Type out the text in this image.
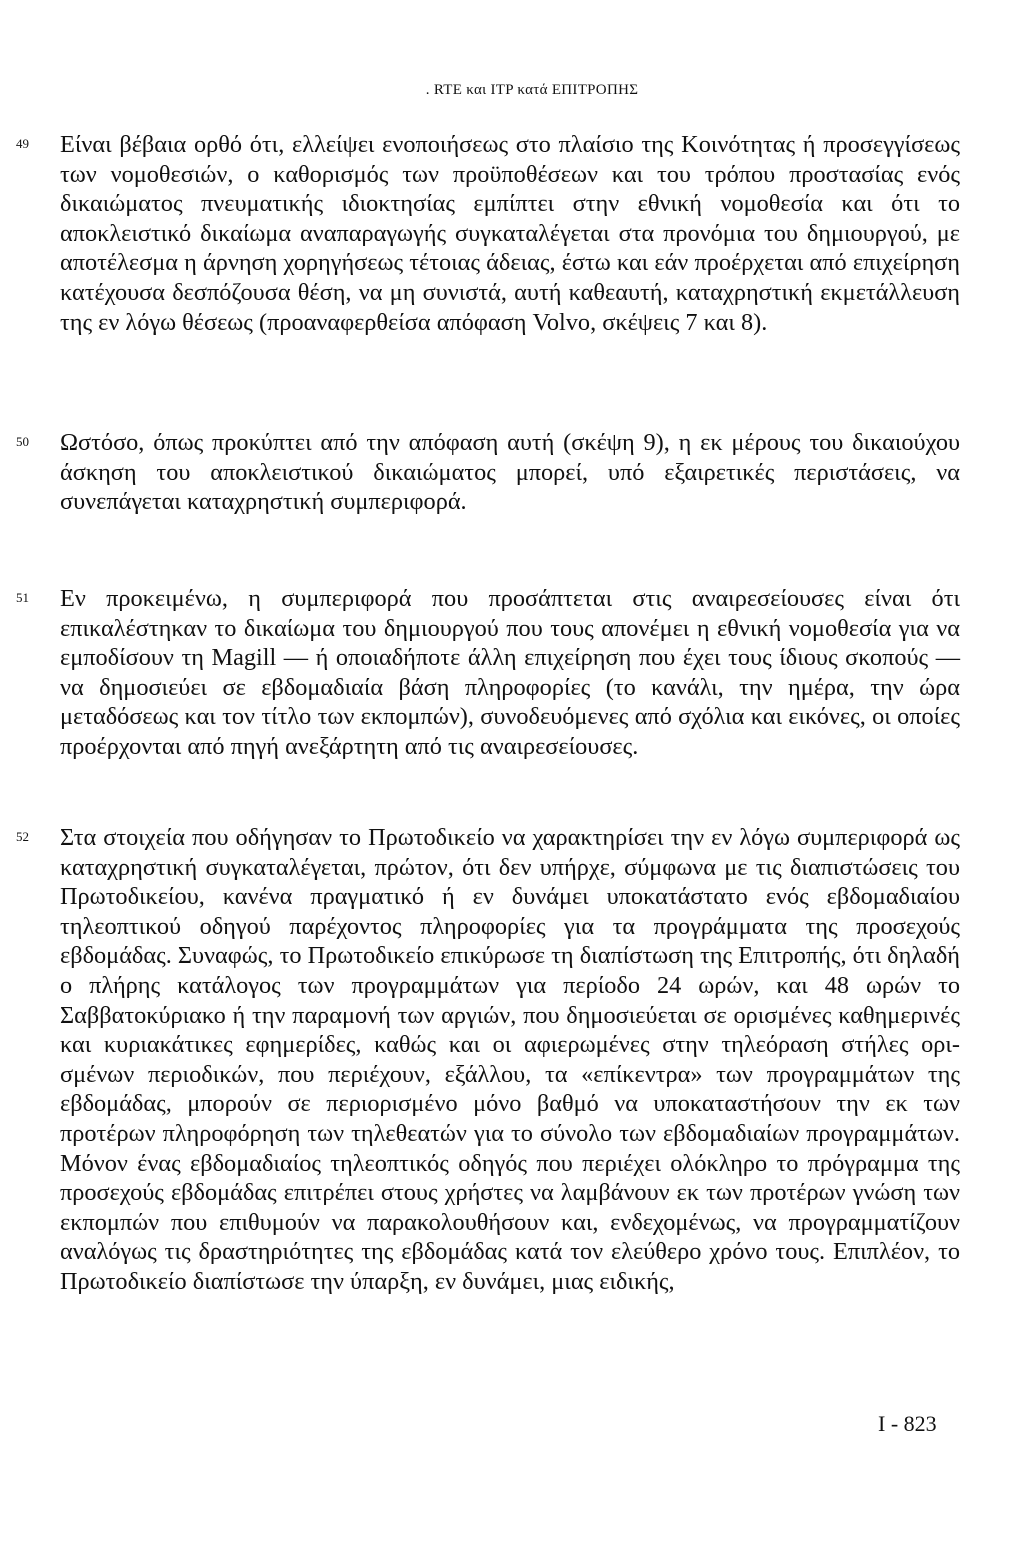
. RTE και ITP κατά ΕΠΙΤΡΟΠΗΣ
49 Είναι βέβαια ορθό ότι, ελλείψει ενοποιήσεως στο πλαίσιο της Κοινότητας ή προσεγγίσεως των νομοθεσιών, ο καθορισμός των προϋποθέσεων και του τρόπου προστασίας ενός δικαιώματος πνευματικής ιδιοκτησίας εμπίπτει στην εθνική νομοθεσία και ότι το αποκλειστικό δικαίωμα αναπαραγωγής συγκαταλέγεται στα προνόμια του δημιουργού, με αποτέλεσμα η άρνηση χορηγήσεως τέτοιας άδειας, έστω και εάν προέρχεται από επιχείρηση κατέχουσα δεσπόζουσα θέση, να μη συνιστά, αυτή καθεαυτή, καταχρηστική εκμετάλλευση της εν λόγω θέσεως (προαναφερθείσα απόφαση Volvo, σκέψεις 7 και 8).
50 Ωστόσο, όπως προκύπτει από την απόφαση αυτή (σκέψη 9), η εκ μέρους του δικαιούχου άσκηση του αποκλειστικού δικαιώματος μπορεί, υπό εξαιρετικές περιστάσεις, να συνεπάγεται καταχρηστική συμπεριφορά.
51 Εν προκειμένω, η συμπεριφορά που προσάπτεται στις αναιρεσείουσες είναι ότι επικαλέστηκαν το δικαίωμα του δημιουργού που τους απονέμει η εθνική νομοθεσία για να εμποδίσουν τη Magill — ή οποιαδήποτε άλλη επιχείρηση που έχει τους ίδιους σκοπούς — να δημοσιεύει σε εβδομαδιαία βάση πληροφορίες (το κανάλι, την ημέρα, την ώρα μεταδόσεως και τον τίτλο των εκπομπών), συνοδευόμενες από σχόλια και εικόνες, οι οποίες προέρχονται από πηγή ανεξάρτητη από τις αναιρεσείουσες.
52 Στα στοιχεία που οδήγησαν το Πρωτοδικείο να χαρακτηρίσει την εν λόγω συμπεριφορά ως καταχρηστική συγκαταλέγεται, πρώτον, ότι δεν υπήρχε, σύμφωνα με τις διαπιστώσεις του Πρωτοδικείου, κανένα πραγματικό ή εν δυνάμει υποκατάστατο ενός εβδομαδιαίου τηλεοπτικού οδηγού παρέχοντος πληροφορίες για τα προγράμματα της προσεχούς εβδομάδας. Συναφώς, το Πρωτοδικείο επικύρωσε τη διαπίστωση της Επιτροπής, ότι δηλαδή ο πλήρης κατάλογος των προγραμμάτων για περίοδο 24 ωρών, και 48 ωρών το Σαββατοκύριακο ή την παραμονή των αργιών, που δημοσιεύεται σε ορισμένες καθημερινές και κυριακάτικες εφημερίδες, καθώς και οι αφιερωμένες στην τηλεόραση στήλες ορισμένων περιοδικών, που περιέχουν, εξάλλου, τα «επίκεντρα» των προγραμμάτων της εβδομάδας, μπορούν σε περιορισμένο μόνο βαθμό να υποκαταστήσουν την εκ των προτέρων πληροφόρηση των τηλεθεατών για το σύνολο των εβδομαδιαίων προγραμμάτων. Μόνον ένας εβδομαδιαίος τηλεοπτικός οδηγός που περιέχει ολόκληρο το πρόγραμμα της προσεχούς εβδομάδας επιτρέπει στους χρήστες να λαμβάνουν εκ των προτέρων γνώση των εκπομπών που επιθυμούν να παρακολουθήσουν και, ενδεχομένως, να προγραμματίζουν αναλόγως τις δραστηριότητες της εβδομάδας κατά τον ελεύθερο χρόνο τους. Επιπλέον, το Πρωτοδικείο διαπίστωσε την ύπαρξη, εν δυνάμει, μιας ειδικής,
I - 823
